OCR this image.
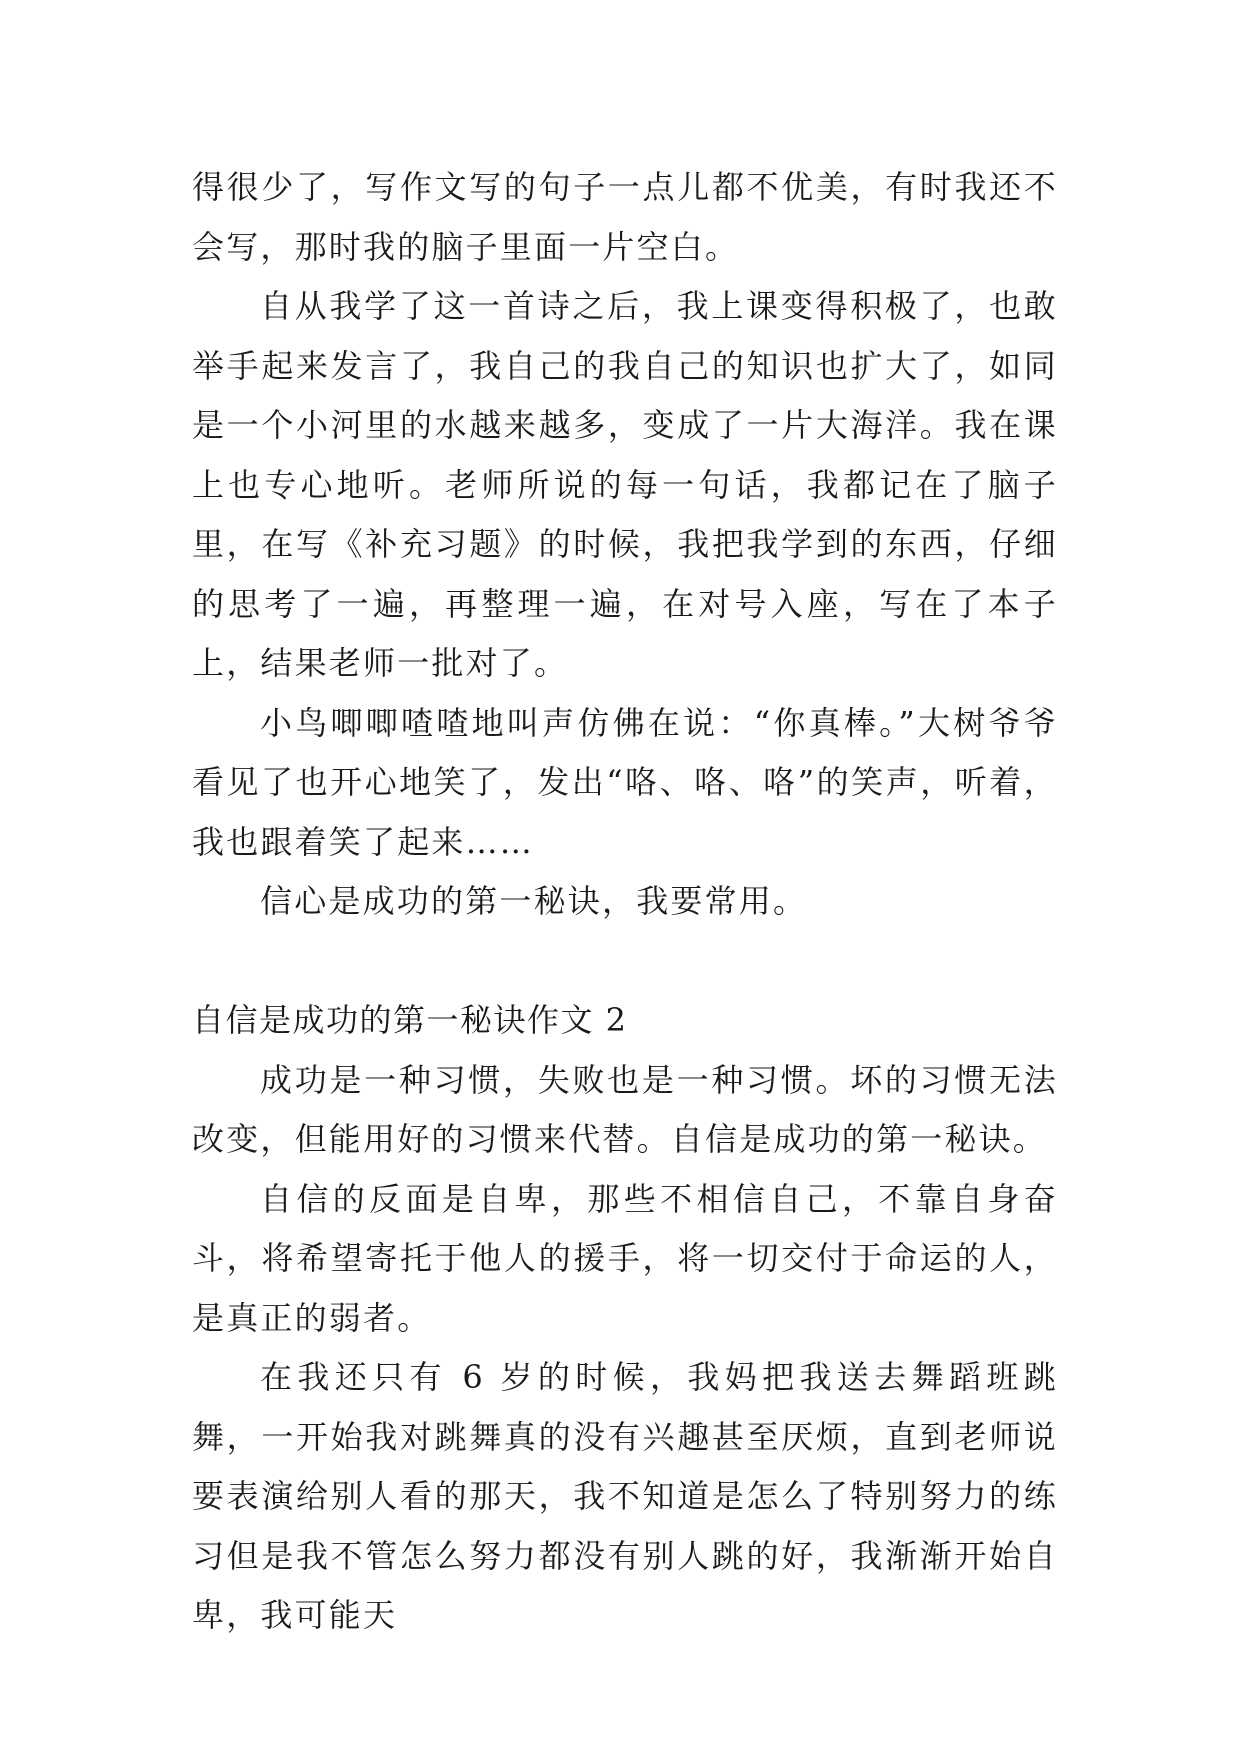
得很少了，写作文写的句子一点儿都不优美，有时我还不会写，那时我的脑子里面一片空白。

自从我学了这一首诗之后，我上课变得积极了，也敢举手起来发言了，我自己的我自己的知识也扩大了，如同是一个小河里的水越来越多，变成了一片大海洋。我在课上也专心地听。老师所说的每一句话，我都记在了脑子里，在写《补充习题》的时候，我把我学到的东西，仔细的思考了一遍，再整理一遍，在对号入座，写在了本子上，结果老师一批对了。

小鸟唧唧喳喳地叫声仿佛在说：“你真棒。”大树爷爷看见了也开心地笑了，发出“咯、咯、咯”的笑声，听着，我也跟着笑了起来……

信心是成功的第一秘诀，我要常用。

自信是成功的第一秘诀作文 2

成功是一种习惯，失败也是一种习惯。坏的习惯无法改变，但能用好的习惯来代替。自信是成功的第一秘诀。

自信的反面是自卑，那些不相信自己，不靠自身奋斗，将希望寄托于他人的援手，将一切交付于命运的人，是真正的弱者。

在我还只有 6 岁的时候，我妈把我送去舞蹈班跳舞，一开始我对跳舞真的没有兴趣甚至厌烦，直到老师说要表演给别人看的那天，我不知道是怎么了特别努力的练习但是我不管怎么努力都没有别人跳的好，我渐渐开始自卑，我可能天
